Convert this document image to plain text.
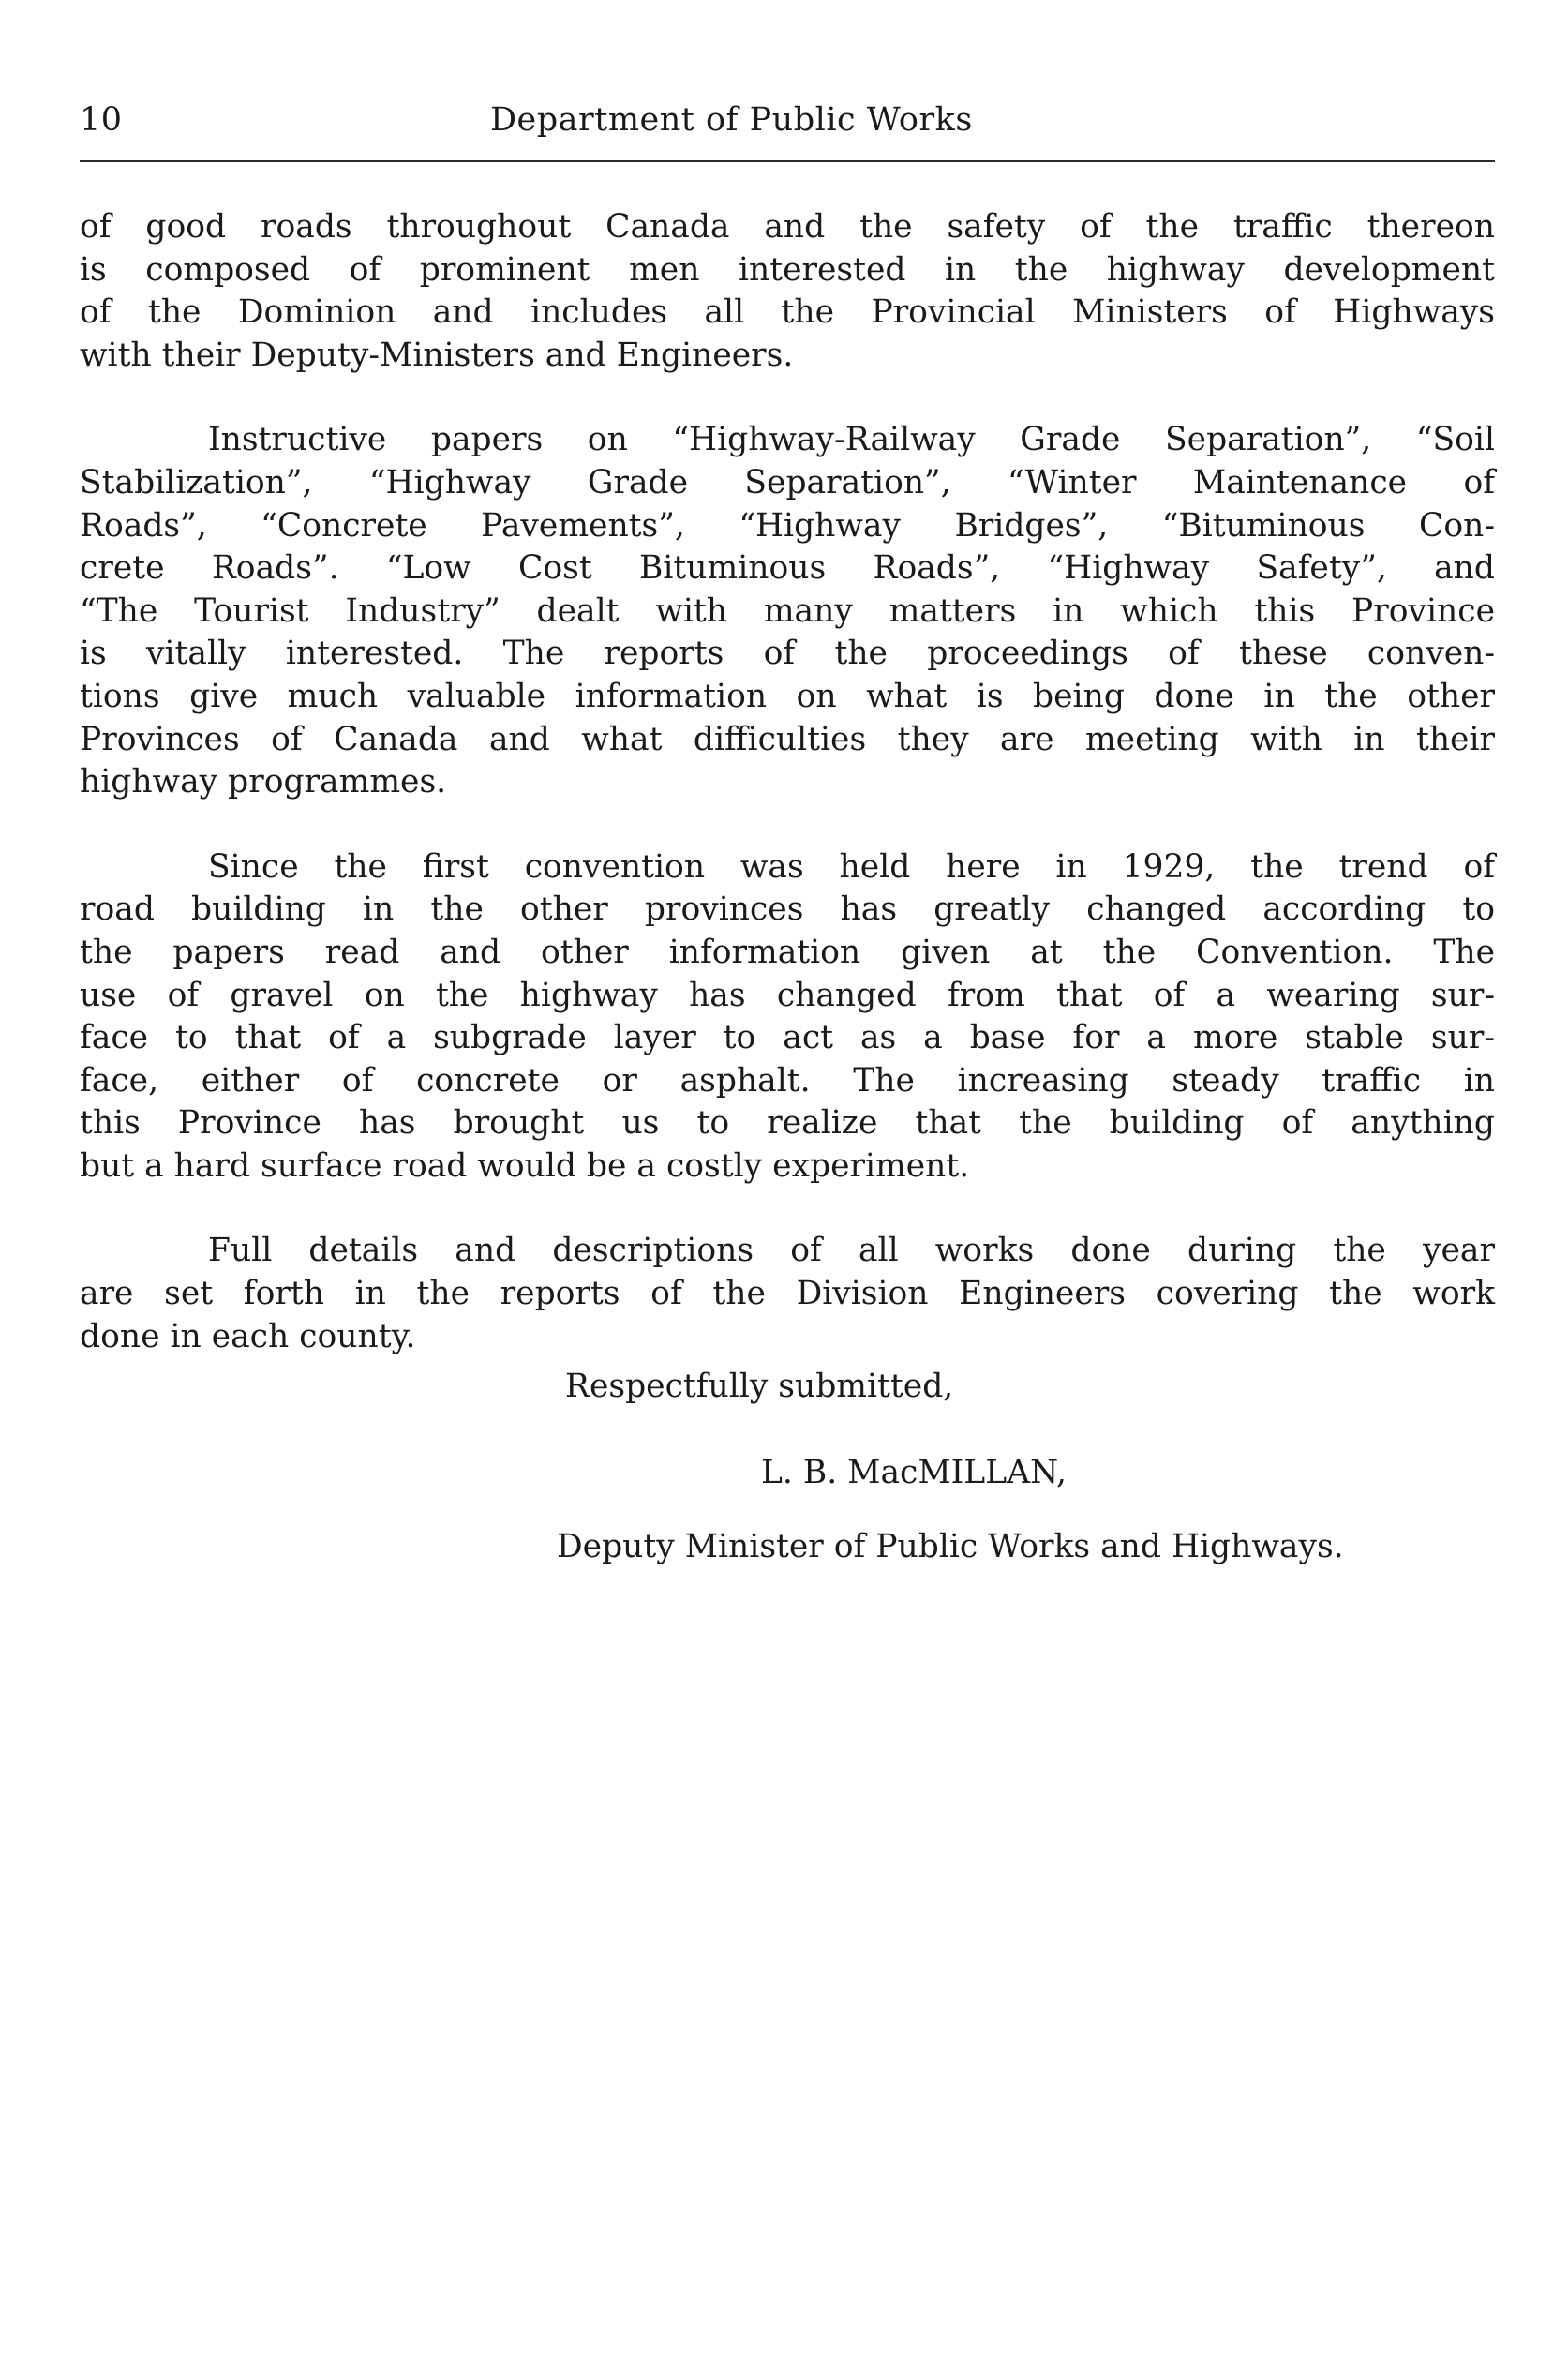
10	Department of Public Works

of good roads throughout Canada and the safety of the traffic thereon
is composed of prominent men interested in the highway development
of the Dominion and includes all the Provincial Ministers of Highways
with their Deputy-Ministers and Engineers.

Instructive papers on “Highway-Railway Grade Separation”, “Soil
Stabilization”, “Highway Grade Separation”, “Winter Maintenance of
Roads”, “Concrete Pavements”, “Highway Bridges”, “Bituminous Con-
crete Roads”. “Low Cost Bituminous Roads”, “Highway Safety”, and
“The Tourist Industry” dealt with many matters in which this Province
is vitally interested. The reports of the proceedings of these conven-
tions give much valuable information on what is being done in the other
Provinces of Canada and what difficulties they are meeting with in their
highway programmes.

Since the first convention was held here in 1929, the trend of
road building in the other provinces has greatly changed according to
the papers read and other information given at the Convention. The
use of gravel on the highway has changed from that of a wearing sur-
face to that of a subgrade layer to act as a base for a more stable sur-
face, either of concrete or asphalt. The increasing steady traffic in
this Province has brought us to realize that the building of anything
but a hard surface road would be a costly experiment.

Full details and descriptions of all works done during the year
are set forth in the reports of the Division Engineers covering the work
done in each county.

Respectfully submitted,
L. B. MacMILLAN,
Deputy Minister of Public Works and Highways.
